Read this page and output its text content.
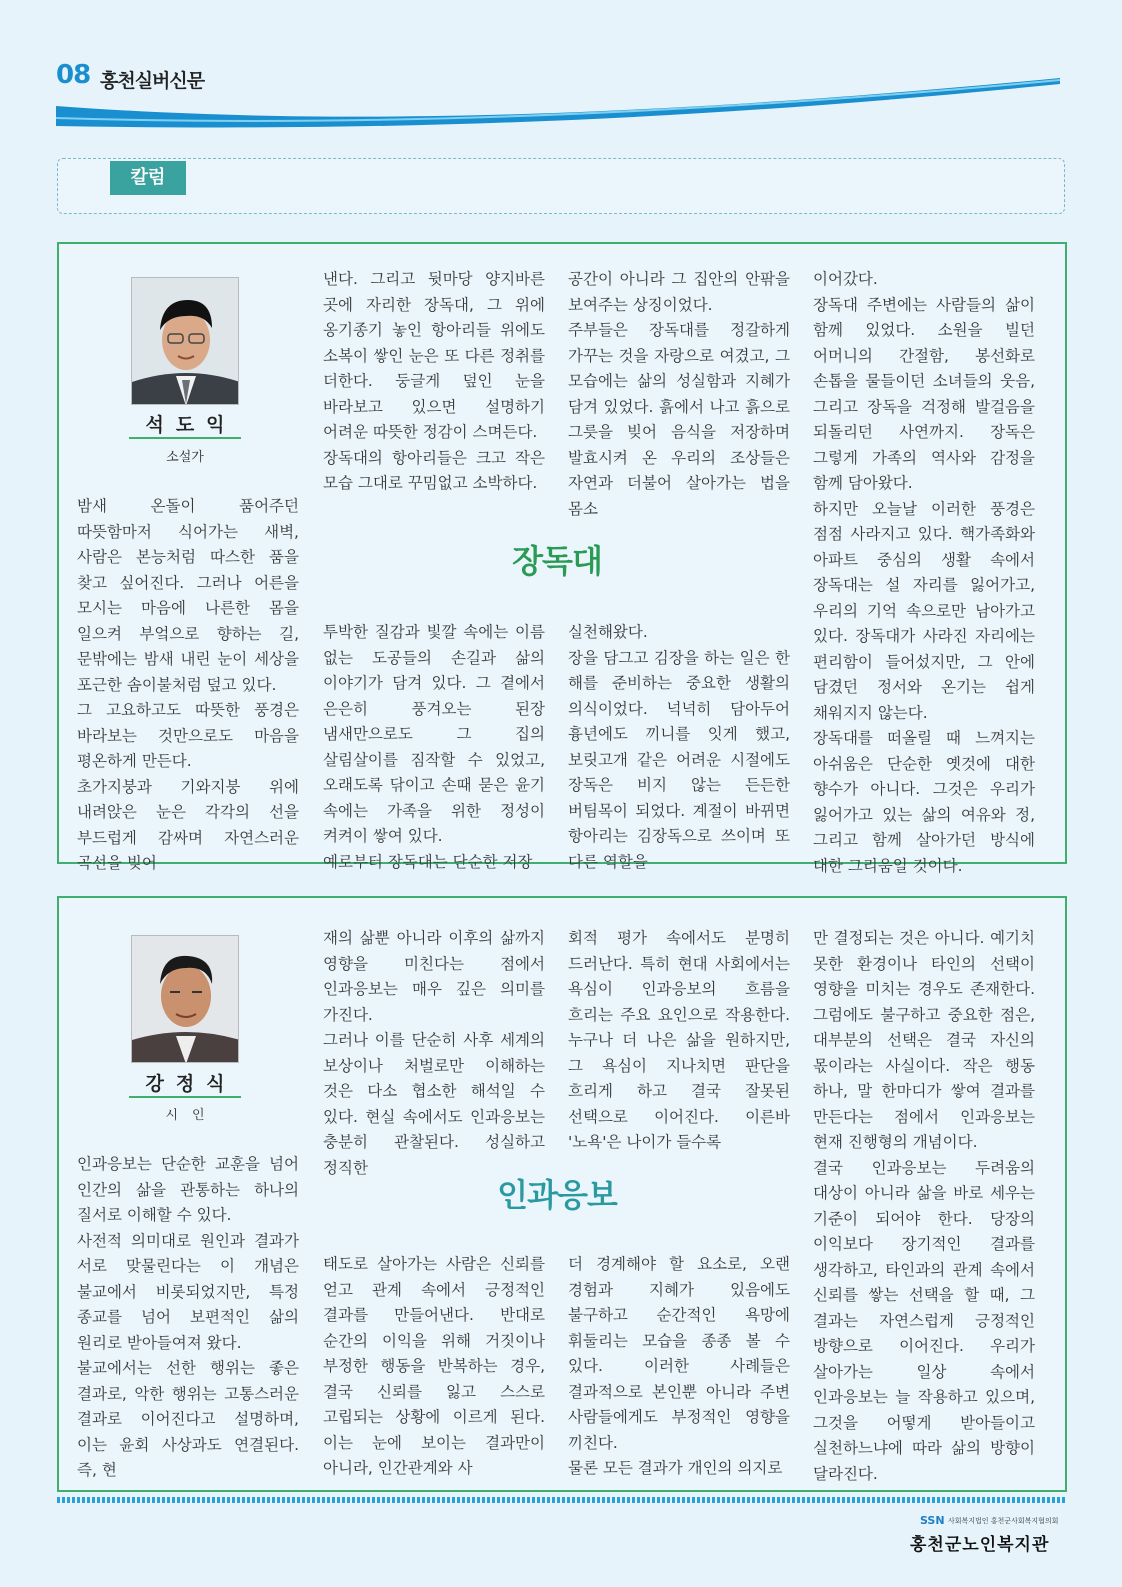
08 홍천실버신문
칼럼
석도익
소설가

밤새 온돌이 품어주던 따뜻함마저 식어가는 새벽, 사람은 본능처럼 따스한 품을 찾고 싶어진다. 그러나 어른을 모시는 마음에 나른한 몸을 일으켜 부엌으로 향하는 길, 문밖에는 밤새 내린 눈이 세상을 포근한 솜이불처럼 덮고 있다.

그 고요하고도 따뜻한 풍경은 바라보는 것만으로도 마음을 평온하게 만든다.

초가지붕과 기와지붕 위에 내려앉은 눈은 각각의 선을 부드럽게 감싸며 자연스러운 곡선을 빚어

낸다. 그리고 뒷마당 양지바른 곳에 자리한 장독대, 그 위에 옹기종기 놓인 항아리들 위에도 소복이 쌓인 눈은 또 다른 정취를 더한다. 둥글게 덮인 눈을 바라보고 있으면 설명하기 어려운 따뜻한 정감이 스며든다.

장독대의 항아리들은 크고 작은 모습 그대로 꾸밈없고 소박하다.

공간이 아니라 그 집안의 안팎을 보여주는 상징이었다.

주부들은 장독대를 정갈하게 가꾸는 것을 자랑으로 여겼고, 그 모습에는 삶의 성실함과 지혜가 담겨 있었다. 흙에서 나고 흙으로 그릇을 빚어 음식을 저장하며 발효시켜 온 우리의 조상들은 자연과 더불어 살아가는 법을 몸소

장독대

투박한 질감과 빛깔 속에는 이름 없는 도공들의 손길과 삶의 이야기가 담겨 있다. 그 곁에서 은은히 풍겨오는 된장 냄새만으로도 그 집의 살림살이를 짐작할 수 있었고, 오래도록 닦이고 손때 묻은 윤기 속에는 가족을 위한 정성이 켜켜이 쌓여 있다.

예로부터 장독대는 단순한 저장

실천해왔다.

장을 담그고 김장을 하는 일은 한 해를 준비하는 중요한 생활의 의식이었다. 넉넉히 담아두어 흉년에도 끼니를 잇게 했고, 보릿고개 같은 어려운 시절에도 장독은 비지 않는 든든한 버팀목이 되었다. 계절이 바뀌면 항아리는 김장독으로 쓰이며 또 다른 역할을

이어갔다.

장독대 주변에는 사람들의 삶이 함께 있었다. 소원을 빌던 어머니의 간절함, 봉선화로 손톱을 물들이던 소녀들의 웃음, 그리고 장독을 걱정해 발걸음을 되돌리던 사연까지. 장독은 그렇게 가족의 역사와 감정을 함께 담아왔다.

하지만 오늘날 이러한 풍경은 점점 사라지고 있다. 핵가족화와 아파트 중심의 생활 속에서 장독대는 설 자리를 잃어가고, 우리의 기억 속으로만 남아가고 있다. 장독대가 사라진 자리에는 편리함이 들어섰지만, 그 안에 담겼던 정서와 온기는 쉽게 채워지지 않는다.

장독대를 떠올릴 때 느껴지는 아쉬움은 단순한 옛것에 대한 향수가 아니다. 그것은 우리가 잃어가고 있는 삶의 여유와 정, 그리고 함께 살아가던 방식에 대한 그리움일 것이다.

강정식
시인

인과응보는 단순한 교훈을 넘어 인간의 삶을 관통하는 하나의 질서로 이해할 수 있다.

사전적 의미대로 원인과 결과가 서로 맞물린다는 이 개념은 불교에서 비롯되었지만, 특정 종교를 넘어 보편적인 삶의 원리로 받아들여져 왔다.

불교에서는 선한 행위는 좋은 결과로, 악한 행위는 고통스러운 결과로 이어진다고 설명하며, 이는 윤회 사상과도 연결된다. 즉, 현

재의 삶뿐 아니라 이후의 삶까지 영향을 미친다는 점에서 인과응보는 매우 깊은 의미를 가진다.

그러나 이를 단순히 사후 세계의 보상이나 처벌로만 이해하는 것은 다소 협소한 해석일 수 있다. 현실 속에서도 인과응보는 충분히 관찰된다. 성실하고 정직한

회적 평가 속에서도 분명히 드러난다. 특히 현대 사회에서는 욕심이 인과응보의 흐름을 흐리는 주요 요인으로 작용한다. 누구나 더 나은 삶을 원하지만, 그 욕심이 지나치면 판단을 흐리게 하고 결국 잘못된 선택으로 이어진다. 이른바 '노욕'은 나이가 들수록

인과응보

태도로 살아가는 사람은 신뢰를 얻고 관계 속에서 긍정적인 결과를 만들어낸다. 반대로 순간의 이익을 위해 거짓이나 부정한 행동을 반복하는 경우, 결국 신뢰를 잃고 스스로 고립되는 상황에 이르게 된다. 이는 눈에 보이는 결과만이 아니라, 인간관계와 사

더 경계해야 할 요소로, 오랜 경험과 지혜가 있음에도 불구하고 순간적인 욕망에 휘둘리는 모습을 종종 볼 수 있다. 이러한 사례들은 결과적으로 본인뿐 아니라 주변 사람들에게도 부정적인 영향을 끼친다.

물론 모든 결과가 개인의 의지로

만 결정되는 것은 아니다. 예기치 못한 환경이나 타인의 선택이 영향을 미치는 경우도 존재한다. 그럼에도 불구하고 중요한 점은, 대부분의 선택은 결국 자신의 몫이라는 사실이다. 작은 행동 하나, 말 한마디가 쌓여 결과를 만든다는 점에서 인과응보는 현재 진행형의 개념이다.

결국 인과응보는 두려움의 대상이 아니라 삶을 바로 세우는 기준이 되어야 한다. 당장의 이익보다 장기적인 결과를 생각하고, 타인과의 관계 속에서 신뢰를 쌓는 선택을 할 때, 그 결과는 자연스럽게 긍정적인 방향으로 이어진다. 우리가 살아가는 일상 속에서 인과응보는 늘 작용하고 있으며, 그것을 어떻게 받아들이고 실천하느냐에 따라 삶의 방향이 달라진다.

SSN 사회복지법인 홍천군사회복지협의회
홍천군노인복지관
